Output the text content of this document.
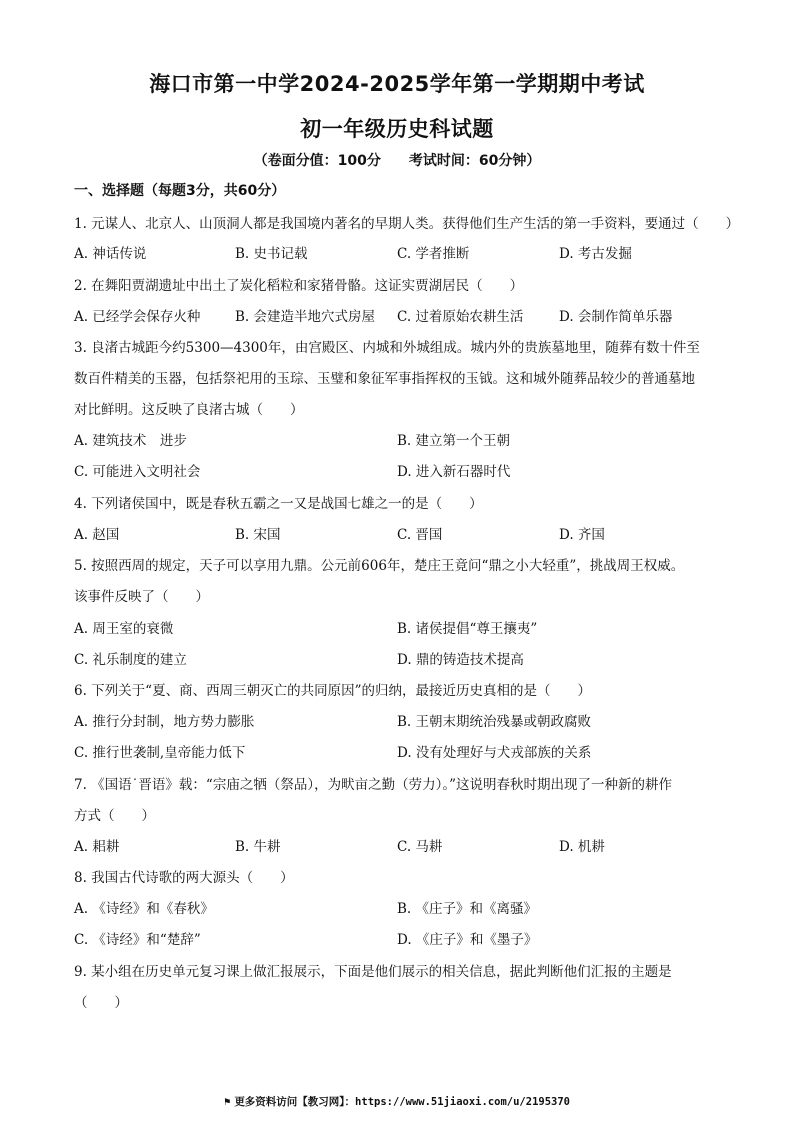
海口市第一中学2024-2025学年第一学期期中考试
初一年级历史科试题
（卷面分值：100分　　考试时间：60分钟）
一、选择题（每题3分，共60分）
1. 元谋人、北京人、山顶洞人都是我国境内著名的早期人类。获得他们生产生活的第一手资料，要通过（　　）
A. 神话传说	B. 史书记载	C. 学者推断	D. 考古发掘
2. 在舞阳贾湖遗址中出土了炭化稻粒和家猪骨骼。这证实贾湖居民（　　）
A. 已经学会保存火种	B. 会建造半地穴式房屋 C. 过着原始农耕生活	D. 会制作简单乐器
3. 良渚古城距今约5300—4300年，由宫殿区、内城和外城组成。城内外的贵族墓地里，随葬有数十件至
数百件精美的玉器，包括祭祀用的玉琮、玉璧和象征军事指挥权的玉钺。这和城外随葬品较少的普通墓地
对比鲜明。这反映了良渚古城（　　）
A. 建筑技术　进步	B. 建立第一个王朝
C. 可能进入文明社会	D. 进入新石器时代
4. 下列诸侯国中，既是春秋五霸之一又是战国七雄之一的是（　　）
A. 赵国	B. 宋国	C. 晋国	D. 齐国
5. 按照西周的规定，天子可以享用九鼎。公元前606年，楚庄王竟问“鼎之小大轻重”，挑战周王权威。
该事件反映了（　　）
A. 周王室的衰微	B. 诸侯提倡“尊王攘夷”
C. 礼乐制度的建立	D. 鼎的铸造技术提高
6. 下列关于“夏、商、西周三朝灭亡的共同原因”的归纳，最接近历史真相的是（　　）
A. 推行分封制，地方势力膨胀	B. 王朝末期统治残暴或朝政腐败
C. 推行世袭制,皇帝能力低下	D. 没有处理好与犬戎部族的关系
7. 《国语˙晋语》载：“宗庙之牺（祭品），为畎亩之勤（劳力）。”这说明春秋时期出现了一种新的耕作
方式（　　）
A. 耜耕	B. 牛耕	C. 马耕	D. 机耕
8. 我国古代诗歌的两大源头（　　）
A. 《诗经》和《春秋》	B. 《庄子》和《离骚》
C. 《诗经》和“楚辞”	D. 《庄子》和《墨子》
9. 某小组在历史单元复习课上做汇报展示，下面是他们展示的相关信息，据此判断他们汇报的主题是
（　　）
⚑ 更多资料访问【教习网】：https://www.51jiaoxi.com/u/2195370
